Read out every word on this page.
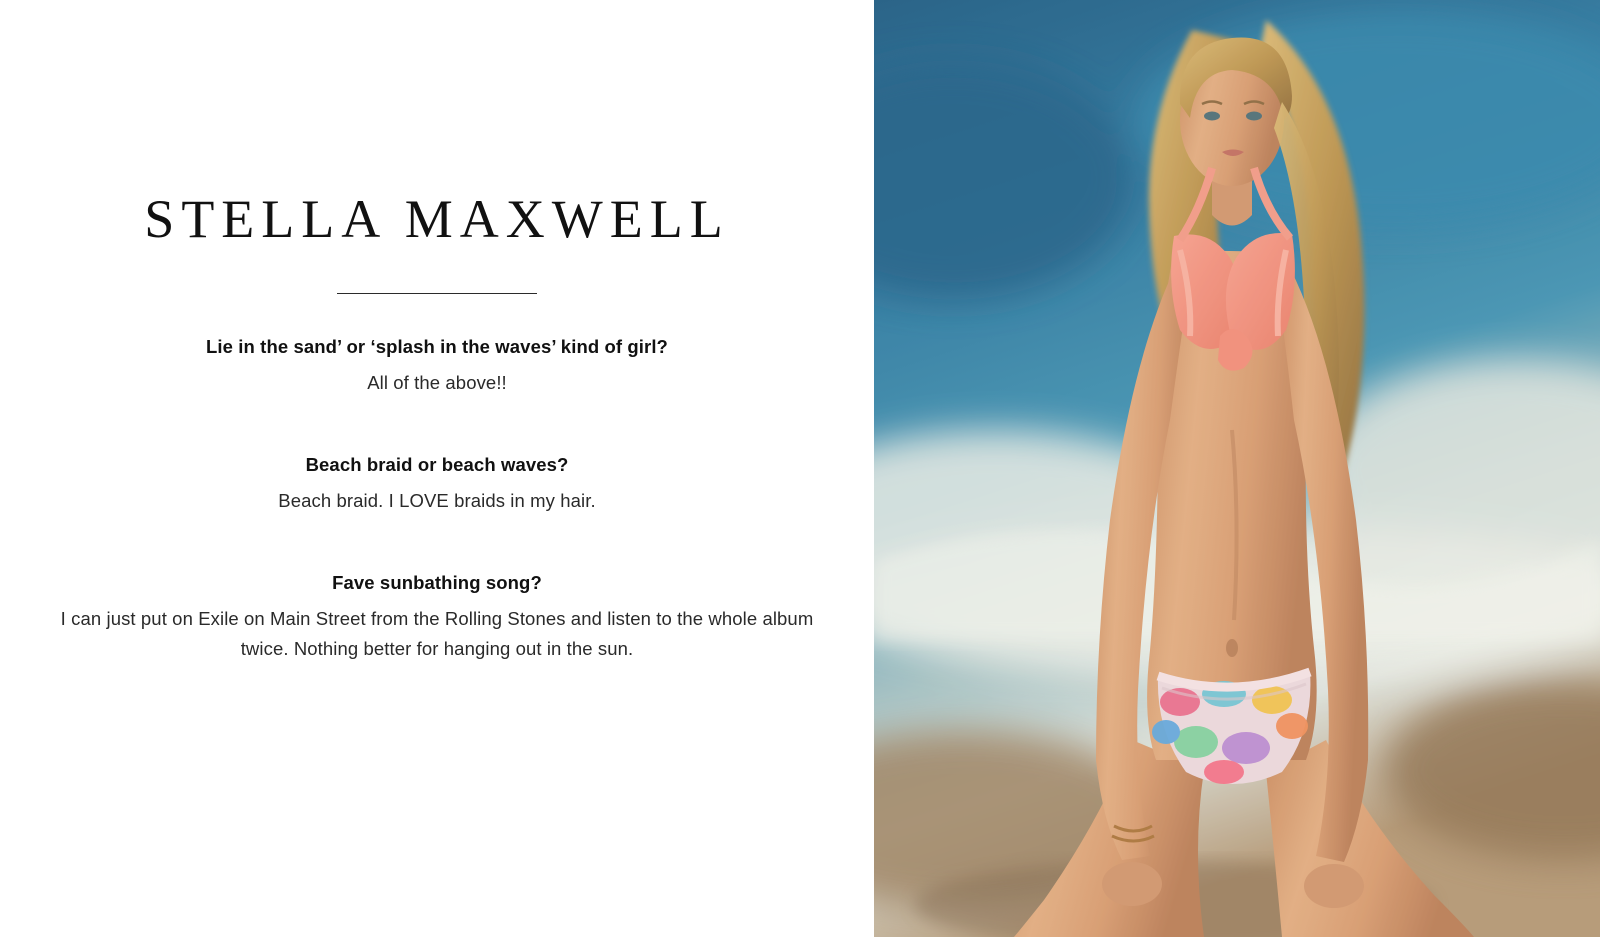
STELLA MAXWELL

Lie in the sand’ or ‘splash in the waves’ kind of girl?

All of the above!!

Beach braid or beach waves?

Beach braid. I LOVE braids in my hair.

Fave sunbathing song?

I can just put on Exile on Main Street from the Rolling Stones and listen to the whole album twice. Nothing better for hanging out in the sun.
